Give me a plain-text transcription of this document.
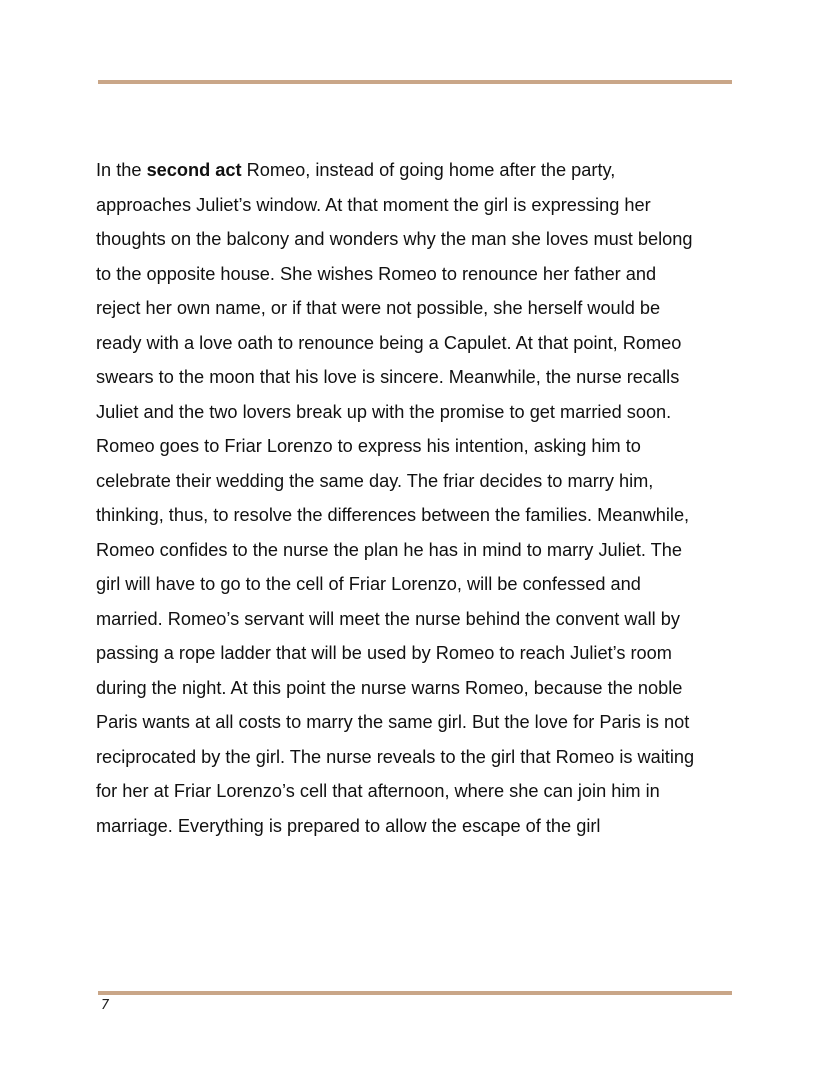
In the second act Romeo, instead of going home after the party,
approaches Juliet’s window. At that moment the girl is expressing her
thoughts on the balcony and wonders why the man she loves must belong
to the opposite house. She wishes Romeo to renounce her father and
reject her own name, or if that were not possible, she herself would be
ready with a love oath to renounce being a Capulet. At that point, Romeo
swears to the moon that his love is sincere. Meanwhile, the nurse recalls
Juliet and the two lovers break up with the promise to get married soon.
Romeo goes to Friar Lorenzo to express his intention, asking him to
celebrate their wedding the same day. The friar decides to marry him,
thinking, thus, to resolve the differences between the families. Meanwhile,
Romeo confides to the nurse the plan he has in mind to marry Juliet. The
girl will have to go to the cell of Friar Lorenzo, will be confessed and
married. Romeo’s servant will meet the nurse behind the convent wall by
passing a rope ladder that will be used by Romeo to reach Juliet’s room
during the night. At this point the nurse warns Romeo, because the noble
Paris wants at all costs to marry the same girl. But the love for Paris is not
reciprocated by the girl. The nurse reveals to the girl that Romeo is waiting
for her at Friar Lorenzo’s cell that afternoon, where she can join him in
marriage. Everything is prepared to allow the escape of the girl
7
